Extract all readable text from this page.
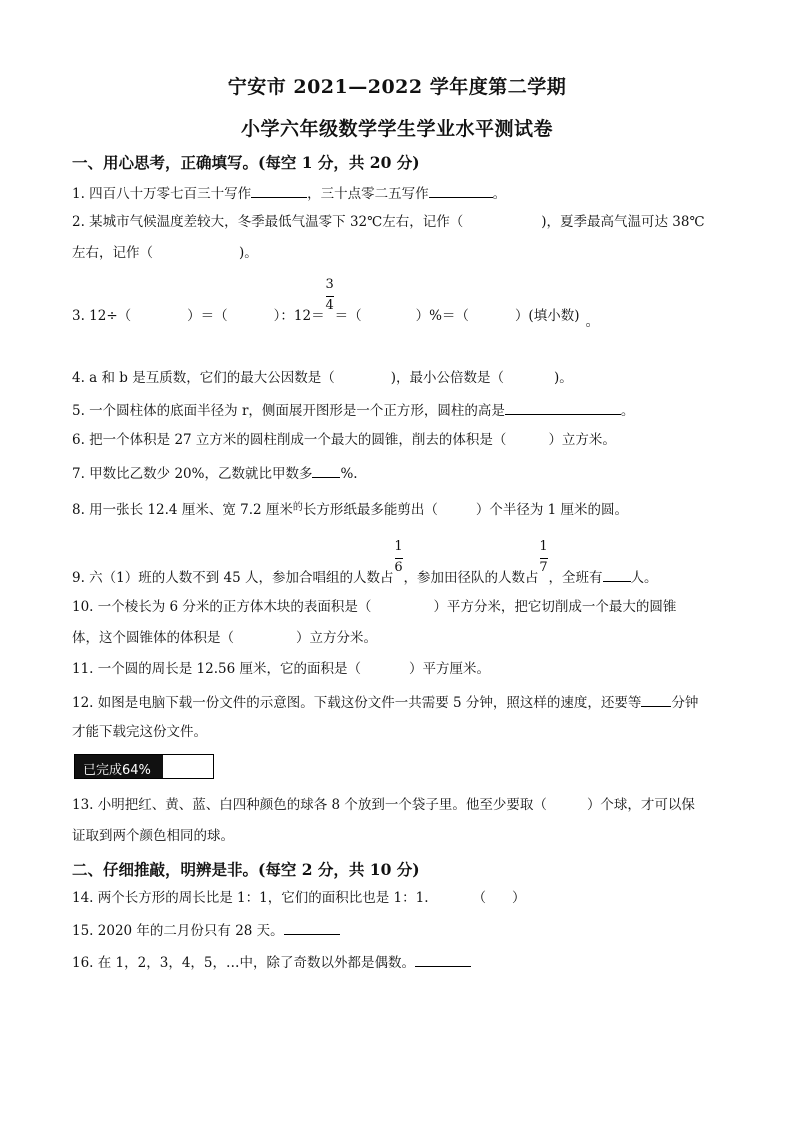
宁安市 2021—2022 学年度第二学期
小学六年级数学学生学业水平测试卷
一、用心思考，正确填写。(每空 1 分，共 20 分)
1. 四百八十万零七百三十写作	，三十点零二五写作	。
2. 某城市气候温度差较大，冬季最低气温零下 32℃左右，记作（	)，夏季最高气温可达 38℃
左右，记作（	)。
3. 12÷（	）＝（	）：$12= \frac{3}{4}$ ＝（	）%＝（	）(填小数) 。
4. a 和 b 是互质数，它们的最大公因数是（	)，最小公倍数是（	)。
5. 一个圆柱体的底面半径为 r，侧面展开图形是一个正方形，圆柱的高是	。
6. 把一个体积是 27 立方米的圆柱削成一个最大的圆锥，削去的体积是（	）立方米。
7. 甲数比乙数少 20%，乙数就比甲数多 %.
8. 用一张长 12.4 厘米、宽 7.2 厘米$^的$长方形纸最多能剪出（	）个半径为 1 厘米的圆。
9. 六（1）班的人数不到 45 人，参加合唱组的人数占 $\frac{1}{6}$ ，参加田径队的人数占 $\frac{1}{7}$ ，全班有 人。
10. 一个棱长为 6 分米的正方体木块的表面积是（	）平方分米，把它切削成一个最大的圆锥
体，这个圆锥体的体积是（	）立方分米。
11. 一个圆的周长是 12.56 厘米，它的面积是（	）平方厘米。
12. 如图是电脑下载一份文件的示意图。下载这份文件一共需要 5 分钟，照这样的速度，还要等 分钟
才能下载完这份文件。
已完成64%
13. 小明把红、黄、蓝、白四种颜色的球各 8 个放到一个袋子里。他至少要取（	）个球，才可以保
证取到两个颜色相同的球。
二、仔细推敲，明辨是非。(每空 2 分，共 10 分)
14. 两个长方形的周长比是 1：1，它们的面积比也是 1：1.	（ ）
15. 2020 年的二月份只有 28 天。
16. 在 1，2，3，4，5，…中，除了奇数以外都是偶数。
